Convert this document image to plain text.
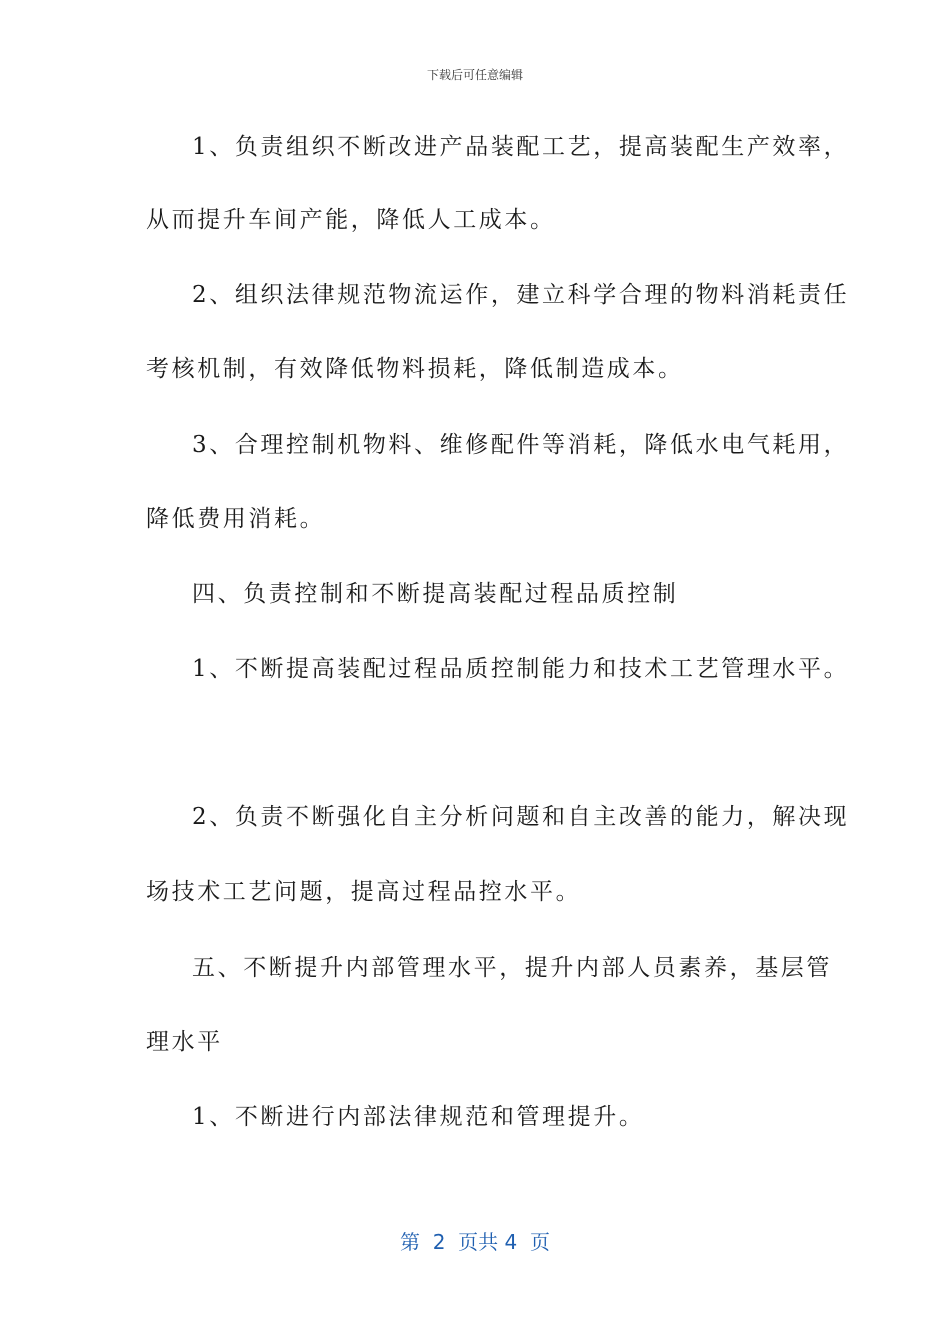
下载后可任意编辑
1、负责组织不断改进产品装配工艺，提高装配生产效率，
从而提升车间产能，降低人工成本。
2、组织法律规范物流运作，建立科学合理的物料消耗责任
考核机制，有效降低物料损耗，降低制造成本。
3、合理控制机物料、维修配件等消耗，降低水电气耗用，
降低费用消耗。
四、负责控制和不断提高装配过程品质控制
1、不断提高装配过程品质控制能力和技术工艺管理水平。
2、负责不断强化自主分析问题和自主改善的能力，解决现
场技术工艺问题，提高过程品控水平。
五、不断提升内部管理水平，提升内部人员素养，基层管
理水平
1、不断进行内部法律规范和管理提升。
第  2  页共 4  页
